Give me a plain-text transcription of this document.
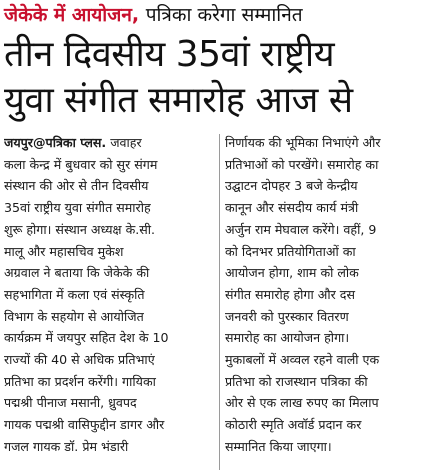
जेकेके में आयोजन, पत्रिका करेगा सम्मानित
तीन दिवसीय 35वां राष्ट्रीय
युवा संगीत समारोह आज से
जयपुर@पत्रिका प्लस. जवाहर
कला केन्द्र में बुधवार को सुर संगम
संस्थान की ओर से तीन दिवसीय
35वां राष्ट्रीय युवा संगीत समारोह
शुरू होगा। संस्थान अध्यक्ष के.सी.
मालू और महासचिव मुकेश
अग्रवाल ने बताया कि जेकेके की
सहभागिता में कला एवं संस्कृति
विभाग के सहयोग से आयोजित
कार्यक्रम में जयपुर सहित देश के 10
राज्यों की 40 से अधिक प्रतिभाएं
प्रतिभा का प्रदर्शन करेंगी। गायिका
पद्मश्री पीनाज मसानी, ध्रुवपद
गायक पद्मश्री वासिफुद्दीन डागर और
गजल गायक डॉ. प्रेम भंडारी
निर्णायक की भूमिका निभाएंगे और
प्रतिभाओं को परखेंगे। समारोह का
उद्घाटन दोपहर 3 बजे केन्द्रीय
कानून और संसदीय कार्य मंत्री
अर्जुन राम मेघवाल करेंगे। वहीं, 9
को दिनभर प्रतियोगिताओं का
आयोजन होगा, शाम को लोक
संगीत समारोह होगा और दस
जनवरी को पुरस्कार वितरण
समारोह का आयोजन होगा।
मुकाबलों में अव्वल रहने वाली एक
प्रतिभा को राजस्थान पत्रिका की
ओर से एक लाख रुपए का मिलाप
कोठारी स्मृति अवॉर्ड प्रदान कर
सम्मानित किया जाएगा।
